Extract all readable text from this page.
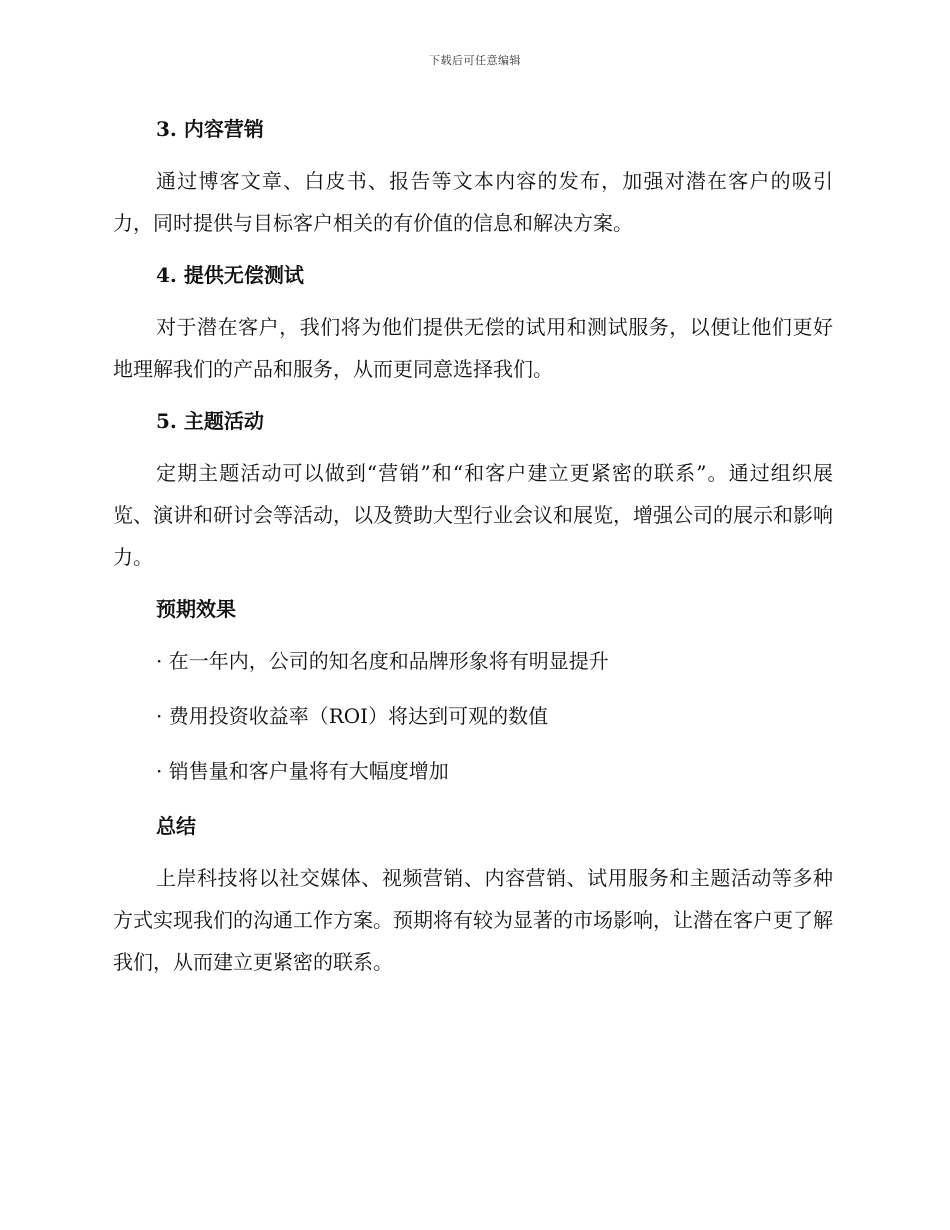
下载后可任意编辑
3. 内容营销

通过博客文章、白皮书、报告等文本内容的发布，加强对潜在客户的吸引力，同时提供与目标客户相关的有价值的信息和解决方案。

4. 提供无偿测试

对于潜在客户，我们将为他们提供无偿的试用和测试服务，以便让他们更好地理解我们的产品和服务，从而更同意选择我们。

5. 主题活动

定期主题活动可以做到“营销”和“和客户建立更紧密的联系”。通过组织展览、演讲和研讨会等活动，以及赞助大型行业会议和展览，增强公司的展示和影响力。

预期效果

· 在一年内，公司的知名度和品牌形象将有明显提升

· 费用投资收益率（ROI）将达到可观的数值

· 销售量和客户量将有大幅度增加

总结

上岸科技将以社交媒体、视频营销、内容营销、试用服务和主题活动等多种方式实现我们的沟通工作方案。预期将有较为显著的市场影响，让潜在客户更了解我们，从而建立更紧密的联系。
